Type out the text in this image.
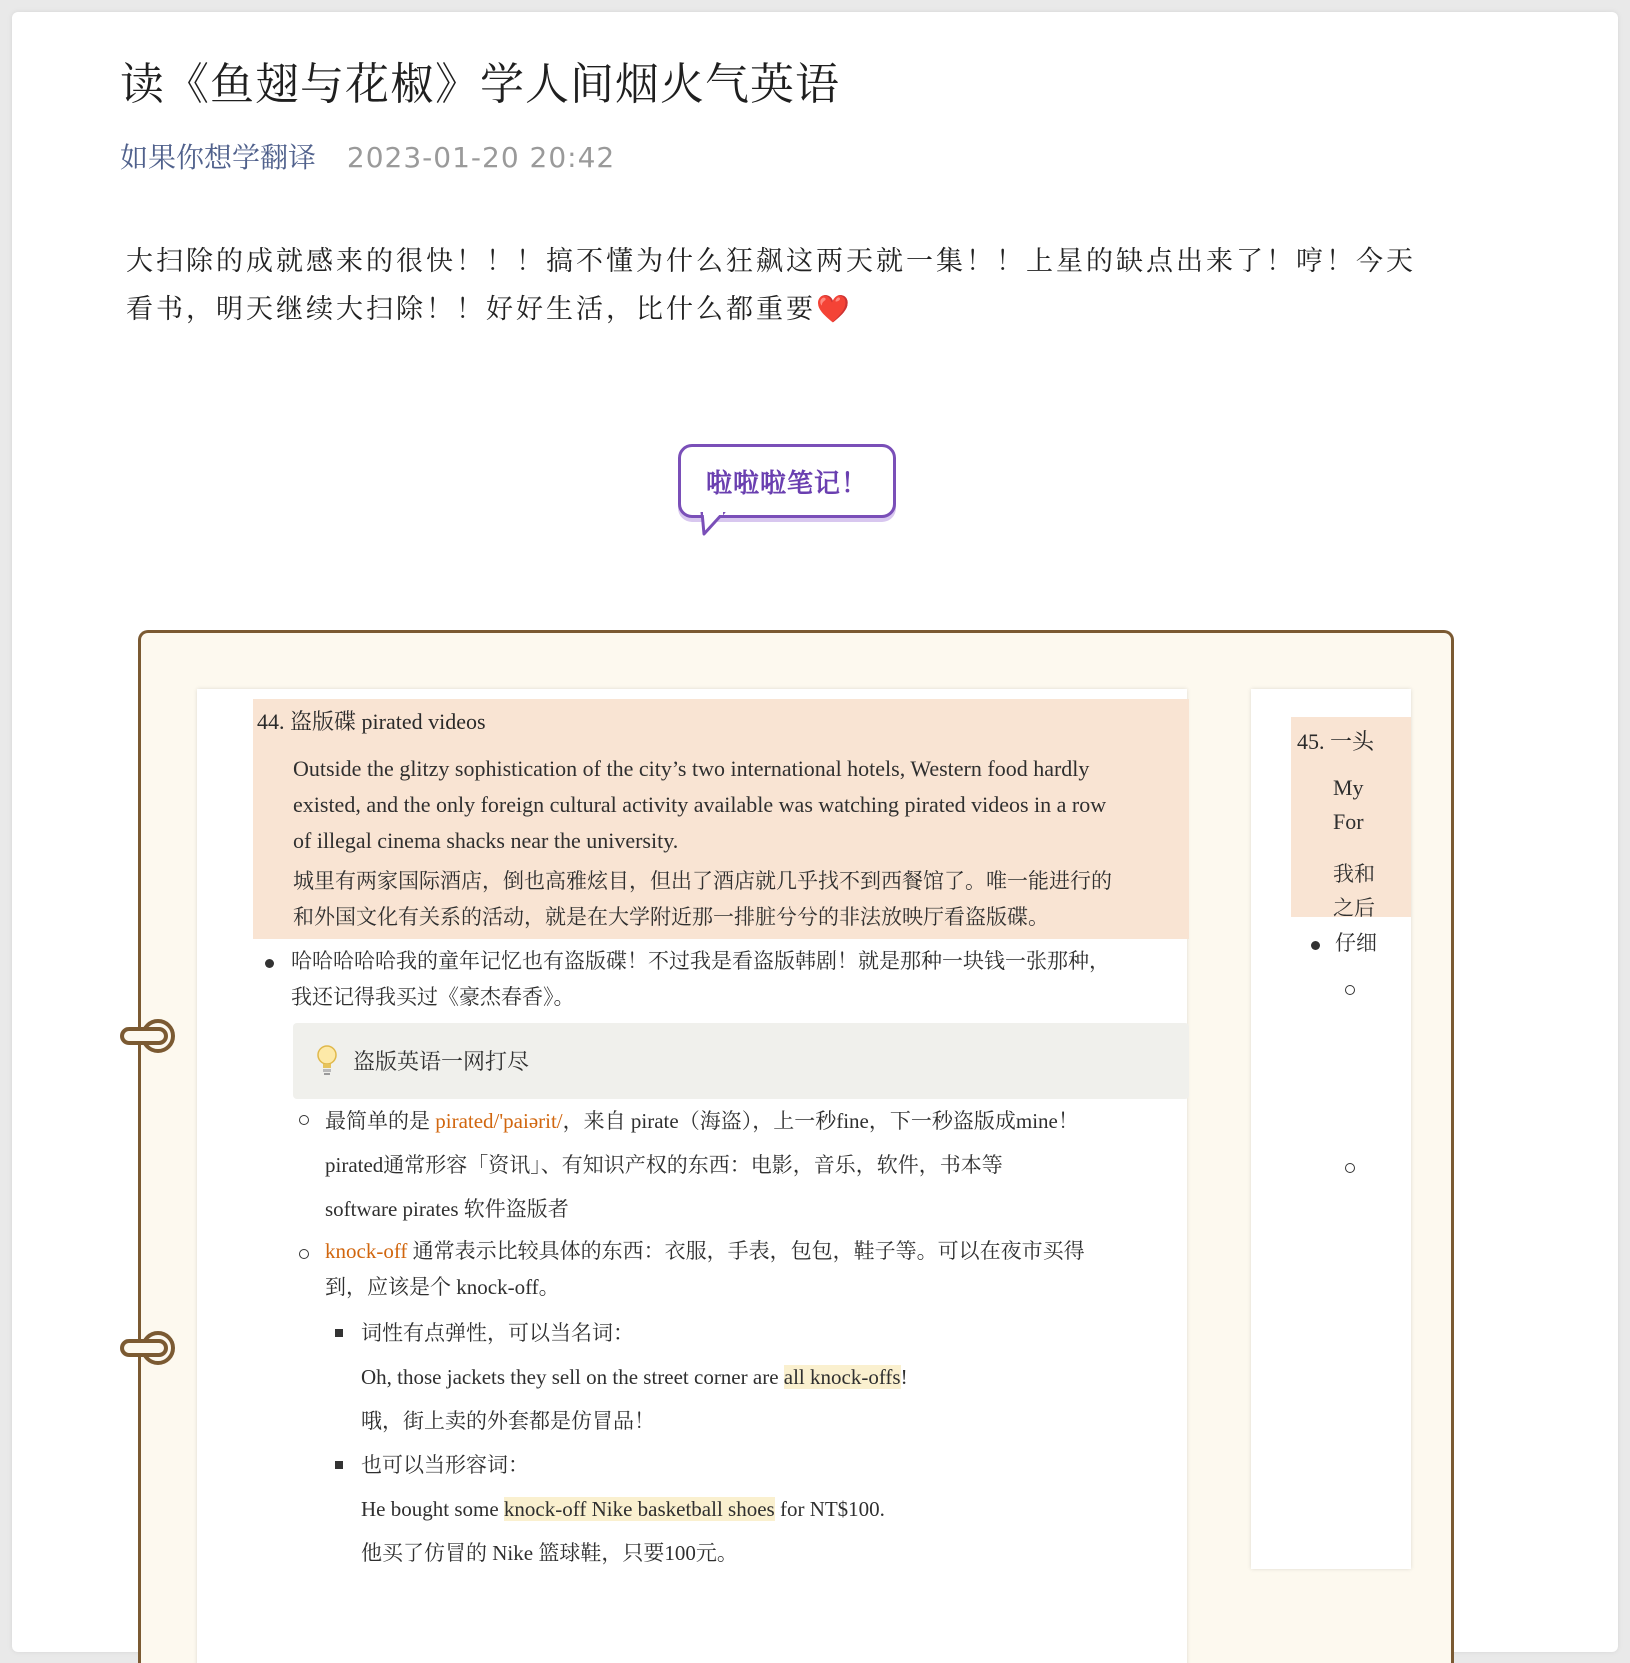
读《鱼翅与花椒》学人间烟火气英语
如果你想学翻译 2023-01-20 20:42
大扫除的成就感来的很快！！！搞不懂为什么狂飙这两天就一集！！上星的缺点出来了！哼！今天
看书，明天继续大扫除！！好好生活，比什么都重要❤️
啦啦啦笔记！
44. 盗版碟 pirated videos
Outside the glitzy sophistication of the city’s two international hotels, Western food hardly
existed, and the only foreign cultural activity available was watching pirated videos in a row
of illegal cinema shacks near the university.
城里有两家国际酒店，倒也高雅炫目，但出了酒店就几乎找不到西餐馆了。唯一能进行的
和外国文化有关系的活动，就是在大学附近那一排脏兮兮的非法放映厅看盗版碟。
哈哈哈哈哈我的童年记忆也有盗版碟！不过我是看盗版韩剧！就是那种一块钱一张那种，
我还记得我买过《豪杰春香》。
盗版英语一网打尽
最简单的是 pirated/'paiərit/，来自 pirate（海盗），上一秒fine，下一秒盗版成mine！
pirated通常形容「资讯」、有知识产权的东西：电影，音乐，软件，书本等
software pirates 软件盗版者
knock-off 通常表示比较具体的东西：衣服，手表，包包，鞋子等。可以在夜市买得
到，应该是个 knock-off。
词性有点弹性，可以当名词：
Oh, those jackets they sell on the street corner are all knock-offs!
哦，街上卖的外套都是仿冒品！
也可以当形容词：
He bought some knock-off Nike basketball shoes for NT$100.
他买了仿冒的 Nike 篮球鞋，只要100元。
45. 一头
My
For
我和
之后
仔细
